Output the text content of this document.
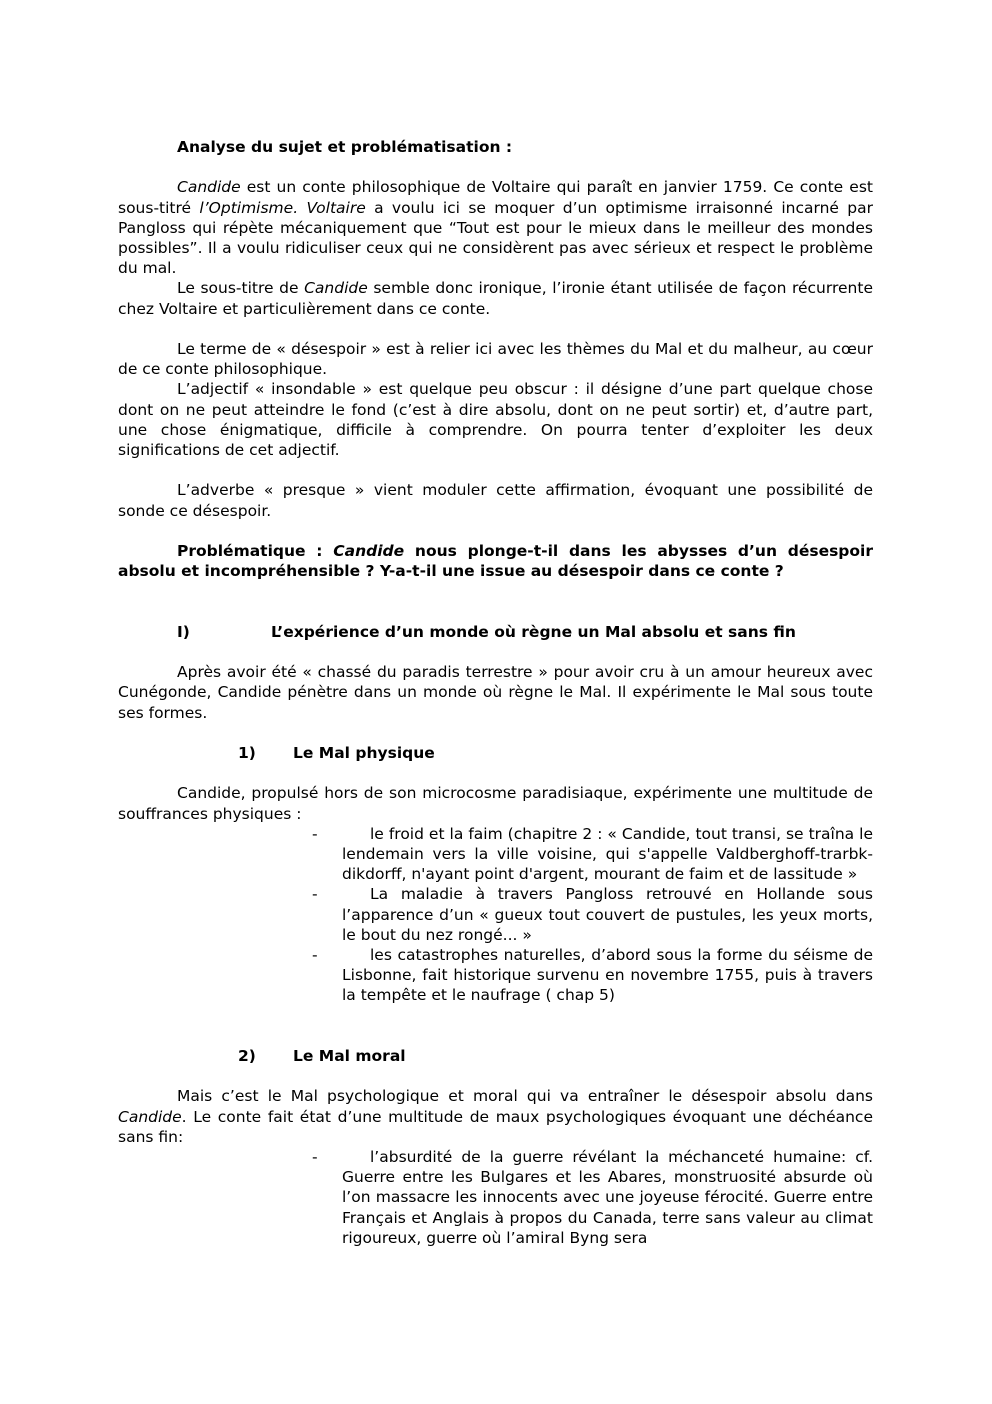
Analyse du sujet et problématisation :

Candide est un conte philosophique de Voltaire qui paraît en janvier 1759. Ce conte est sous-titré l’Optimisme. Voltaire a voulu ici se moquer d’un optimisme irraisonné incarné par Pangloss qui répète mécaniquement que “Tout est pour le mieux dans le meilleur des mondes possibles”. Il a voulu ridiculiser ceux qui ne considèrent pas avec sérieux et respect le problème du mal.

Le sous-titre de Candide semble donc ironique, l’ironie étant utilisée de façon récurrente chez Voltaire et particulièrement dans ce conte.

Le terme de « désespoir » est à relier ici avec les thèmes du Mal et du malheur, au cœur de ce conte philosophique.

L’adjectif « insondable » est quelque peu obscur : il désigne d’une part quelque chose dont on ne peut atteindre le fond (c’est à dire absolu, dont on ne peut sortir) et, d’autre part, une chose énigmatique, difficile à comprendre. On pourra tenter d’exploiter les deux significations de cet adjectif.

L’adverbe « presque » vient moduler cette affirmation, évoquant une possibilité de sonde ce désespoir.

Problématique : Candide nous plonge-t-il dans les abysses d’un désespoir absolu et incompréhensible ? Y-a-t-il une issue au désespoir dans ce conte ?

I)	L’expérience d’un monde où règne un Mal absolu et sans fin

Après avoir été « chassé du paradis terrestre » pour avoir cru à un amour heureux avec Cunégonde, Candide pénètre dans un monde où règne le Mal. Il expérimente le Mal sous toute ses formes.

1)	Le Mal physique

Candide, propulsé hors de son microcosme paradisiaque, expérimente une multitude de souffrances physiques :

-	le froid et la faim (chapitre 2 : « Candide, tout transi, se traîna le lendemain vers la ville voisine, qui s'appelle Valdberghoff-trarbk-dikdorff, n'ayant point d'argent, mourant de faim et de lassitude »
-	La maladie à travers Pangloss retrouvé en Hollande sous l’apparence d’un « gueux tout couvert de pustules, les yeux morts, le bout du nez rongé... »
-	les catastrophes naturelles, d’abord sous la forme du séisme de Lisbonne, fait historique survenu en novembre 1755, puis à travers la tempête et le naufrage ( chap 5)
2)	Le Mal moral

Mais c’est le Mal psychologique et moral qui va entraîner le désespoir absolu dans Candide. Le conte fait état d’une multitude de maux psychologiques évoquant une déchéance sans fin:

-	l’absurdité de la guerre révélant la méchanceté humaine: cf. Guerre entre les Bulgares et les Abares, monstruosité absurde où l’on massacre les innocents avec une joyeuse férocité. Guerre entre Français et Anglais à propos du Canada, terre sans valeur au climat rigoureux, guerre où l’amiral Byng sera
